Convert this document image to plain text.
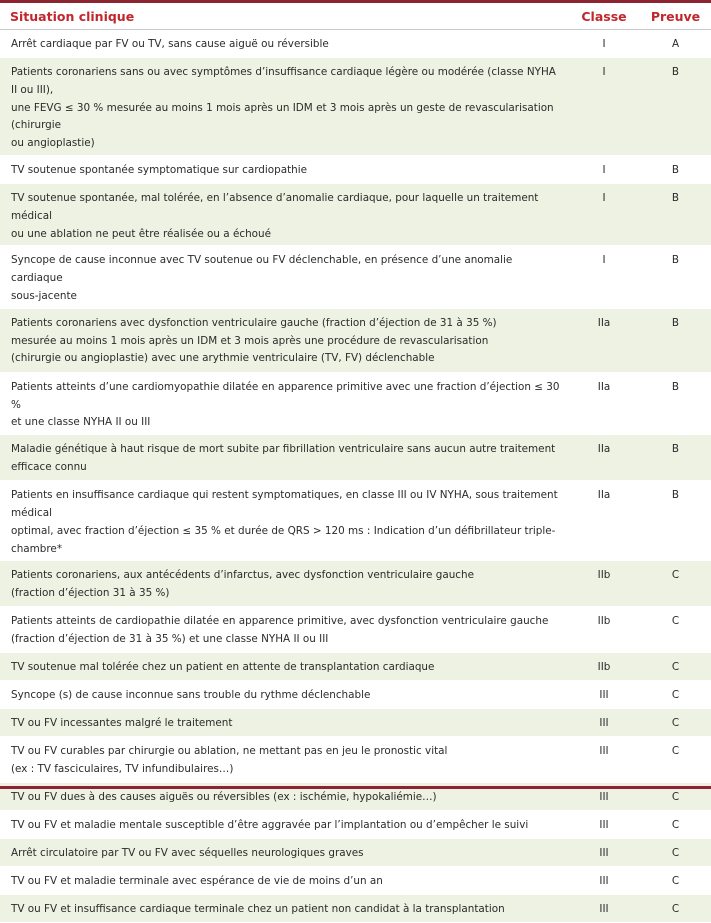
Situation clinique	Classe	Preuve
Arrêt cardiaque par FV ou TV, sans cause aiguë ou réversible	I	A
Patients coronariens sans ou avec symptômes d’insuffisance cardiaque légère ou modérée (classe NYHA II ou III),
une FEVG ≤ 30 % mesurée au moins 1 mois après un IDM et 3 mois après un geste de revascularisation (chirurgie
ou angioplastie)	I	B
TV soutenue spontanée symptomatique sur cardiopathie	I	B
TV soutenue spontanée, mal tolérée, en l’absence d’anomalie cardiaque, pour laquelle un traitement médical
ou une ablation ne peut être réalisée ou a échoué	I	B
Syncope de cause inconnue avec TV soutenue ou FV déclenchable, en présence d’une anomalie cardiaque
sous-jacente	I	B
Patients coronariens avec dysfonction ventriculaire gauche (fraction d’éjection de 31 à 35 %)
mesurée au moins 1 mois après un IDM et 3 mois après une procédure de revascularisation
(chirurgie ou angioplastie) avec une arythmie ventriculaire (TV, FV) déclenchable	IIa	B
Patients atteints d’une cardiomyopathie dilatée en apparence primitive avec une fraction d’éjection ≤ 30 %
et une classe NYHA II ou III	IIa	B
Maladie génétique à haut risque de mort subite par fibrillation ventriculaire sans aucun autre traitement
efficace connu	IIa	B
Patients en insuffisance cardiaque qui restent symptomatiques, en classe III ou IV NYHA, sous traitement médical
optimal, avec fraction d’éjection ≤ 35 % et durée de QRS > 120 ms : Indication d’un défibrillateur triple-chambre*	IIa	B
Patients coronariens, aux antécédents d’infarctus, avec dysfonction ventriculaire gauche
(fraction d’éjection 31 à 35 %)	IIb	C
Patients atteints de cardiopathie dilatée en apparence primitive, avec dysfonction ventriculaire gauche
(fraction d’éjection de 31 à 35 %) et une classe NYHA II ou III	IIb	C
TV soutenue mal tolérée chez un patient en attente de transplantation cardiaque	IIb	C
Syncope (s) de cause inconnue sans trouble du rythme déclenchable	III	C
TV ou FV incessantes malgré le traitement	III	C
TV ou FV curables par chirurgie ou ablation, ne mettant pas en jeu le pronostic vital
(ex : TV fasciculaires, TV infundibulaires…)	III	C
TV ou FV dues à des causes aiguës ou réversibles (ex : ischémie, hypokaliémie…)	III	C
TV ou FV et maladie mentale susceptible d’être aggravée par l’implantation ou d’empêcher le suivi	III	C
Arrêt circulatoire par TV ou FV avec séquelles neurologiques graves	III	C
TV ou FV et maladie terminale avec espérance de vie de moins d’un an	III	C
TV ou FV et insuffisance cardiaque terminale chez un patient non candidat à la transplantation	III	C
